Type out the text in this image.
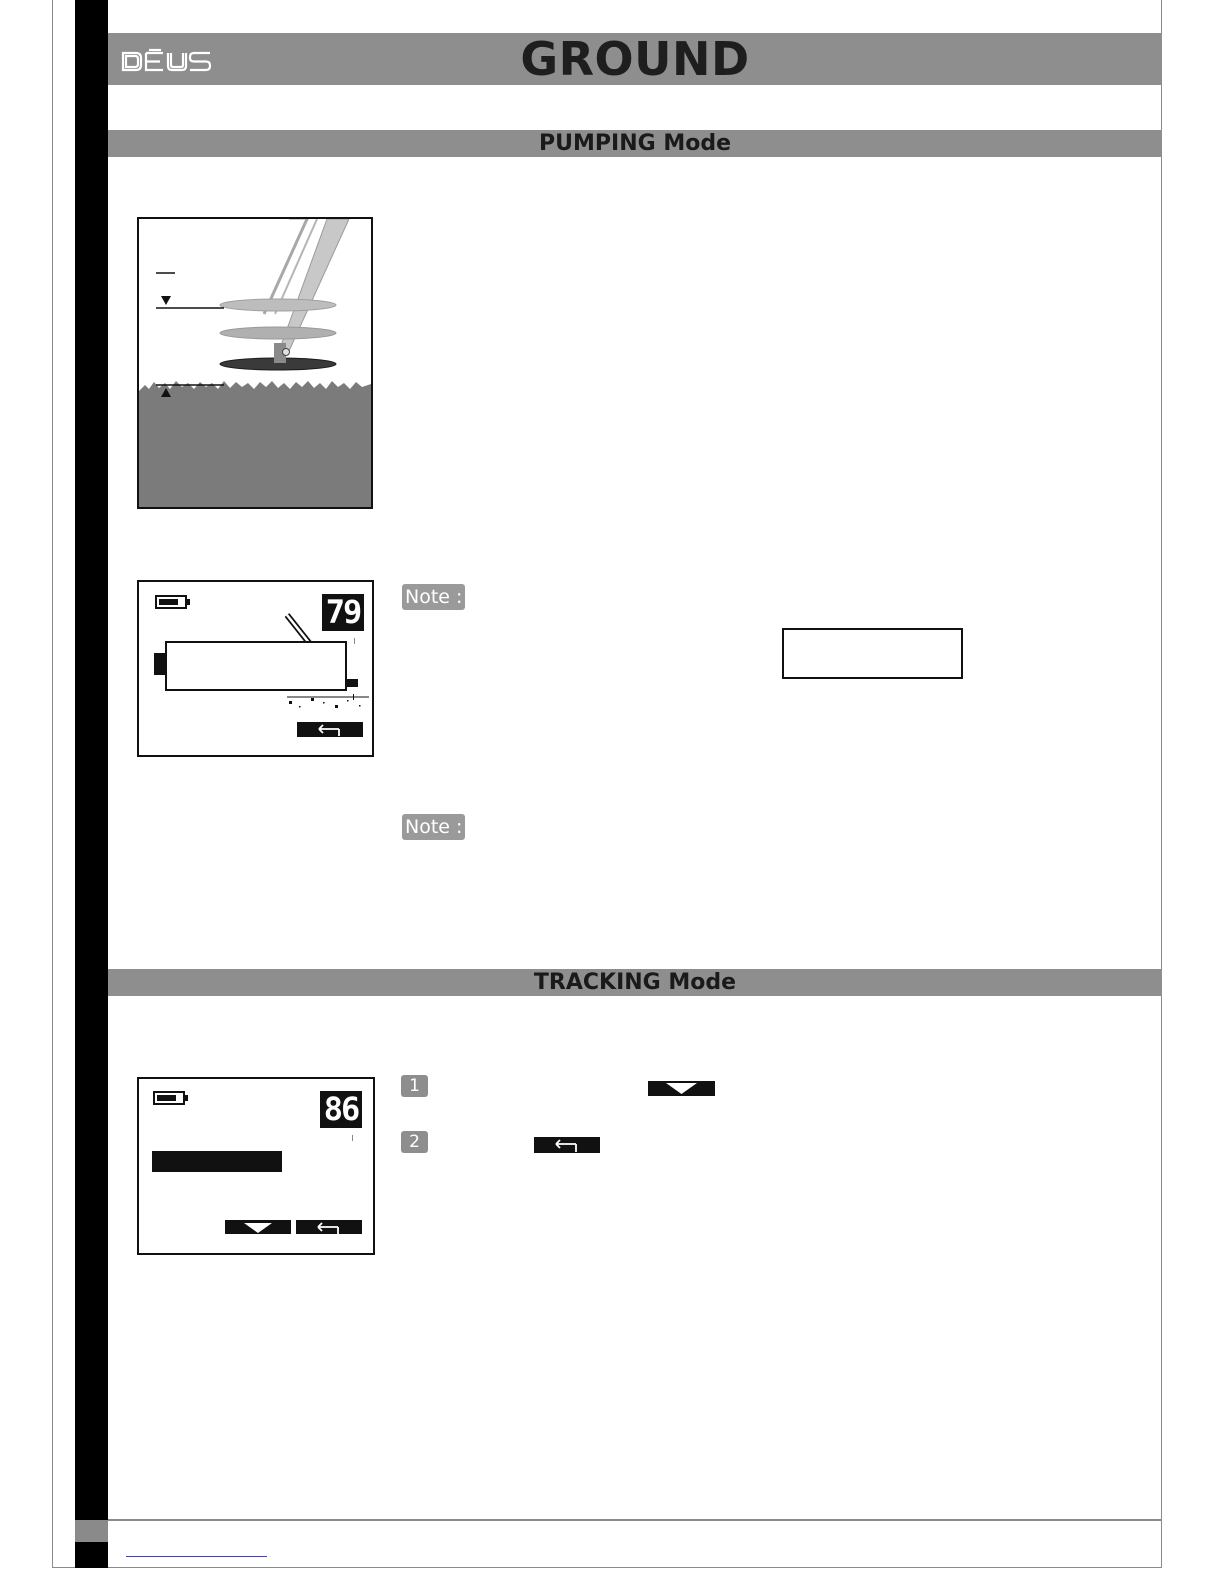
GROUND
PUMPING Mode
79 Note :
Note :
TRACKING Mode
86
1
2
